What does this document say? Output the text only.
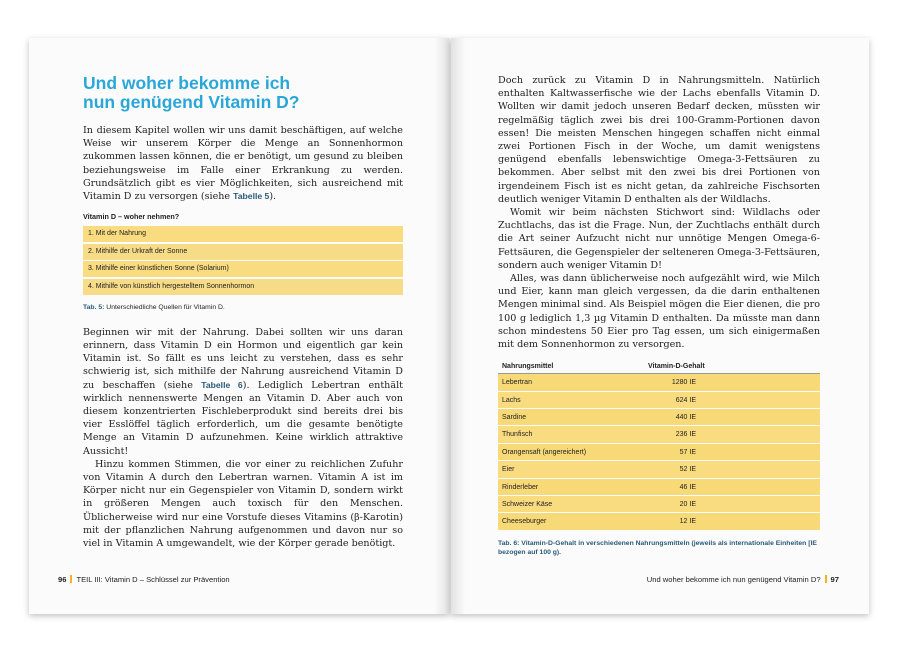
Und woher bekomme ich
nun genügend Vitamin D?

In diesem Kapitel wollen wir uns damit beschäftigen, auf welche Weise wir unserem Körper die Menge an Sonnenhormon zukommen lassen können, die er benötigt, um gesund zu bleiben beziehungsweise im Falle einer Erkrankung zu werden. Grundsätzlich gibt es vier Möglichkeiten, sich ausreichend mit Vitamin D zu versorgen (siehe Tabelle 5).

Vitamin D – woher nehmen?
1. Mit der Nahrung
2. Mithilfe der Urkraft der Sonne
3. Mithilfe einer künstlichen Sonne (Solarium)
4. Mithilfe von künstlich hergestelltem Sonnenhormon
Tab. 5: Unterschiedliche Quellen für Vitamin D.

Beginnen wir mit der Nahrung. Dabei sollten wir uns daran erinnern, dass Vitamin D ein Hormon und eigentlich gar kein Vitamin ist. So fällt es uns leicht zu verstehen, dass es sehr schwierig ist, sich mithilfe der Nahrung ausreichend Vitamin D zu beschaffen (siehe Tabelle 6). Lediglich Lebertran enthält wirklich nennenswerte Mengen an Vitamin D. Aber auch von diesem konzentrierten Fischleberprodukt sind bereits drei bis vier Esslöffel täglich erforderlich, um die gesamte benötigte Menge an Vitamin D aufzunehmen. Keine wirklich attraktive Aussicht!

Hinzu kommen Stimmen, die vor einer zu reichlichen Zufuhr von Vitamin A durch den Lebertran warnen. Vitamin A ist im Körper nicht nur ein Gegenspieler von Vitamin D, sondern wirkt in größeren Mengen auch toxisch für den Menschen. Üblicherweise wird nur eine Vorstufe dieses Vitamins (β-Karotin) mit der pflanzlichen Nahrung aufgenommen und davon nur so viel in Vitamin A umgewandelt, wie der Körper gerade benötigt.

96 TEIL III: Vitamin D – Schlüssel zur Prävention

Doch zurück zu Vitamin D in Nahrungsmitteln. Natürlich enthalten Kaltwasserfische wie der Lachs ebenfalls Vitamin D. Wollten wir damit jedoch unseren Bedarf decken, müssten wir regelmäßig täglich zwei bis drei 100-Gramm-Portionen davon essen! Die meisten Menschen hingegen schaffen nicht einmal zwei Portionen Fisch in der Woche, um damit wenigstens genügend ebenfalls lebenswichtige Omega-3-Fettsäuren zu bekommen. Aber selbst mit den zwei bis drei Portionen von irgendeinem Fisch ist es nicht getan, da zahlreiche Fischsorten deutlich weniger Vitamin D enthalten als der Wildlachs.

Womit wir beim nächsten Stichwort sind: Wildlachs oder Zuchtlachs, das ist die Frage. Nun, der Zuchtlachs enthält durch die Art seiner Aufzucht nicht nur unnötige Mengen Omega-6-Fettsäuren, die Gegenspieler der selteneren Omega-3-Fettsäuren, sondern auch weniger Vitamin D!

Alles, was dann üblicherweise noch aufgezählt wird, wie Milch und Eier, kann man gleich vergessen, da die darin enthaltenen Mengen minimal sind. Als Beispiel mögen die Eier dienen, die pro 100 g lediglich 1,3 µg Vitamin D enthalten. Da müsste man dann schon mindestens 50 Eier pro Tag essen, um sich einigermaßen mit dem Sonnenhormon zu versorgen.

Nahrungsmittel	Vitamin-D-Gehalt
Lebertran	1280 IE
Lachs	624 IE
Sardine	440 IE
Thunfisch	236 IE
Orangensaft (angereichert)	57 IE
Eier	52 IE
Rinderleber	46 IE
Schweizer Käse	20 IE
Cheeseburger	12 IE
Tab. 6: Vitamin-D-Gehalt in verschiedenen Nahrungsmitteln (jeweils als internationale Einheiten [IE bezogen auf 100 g).
Und woher bekomme ich nun genügend Vitamin D? 97
